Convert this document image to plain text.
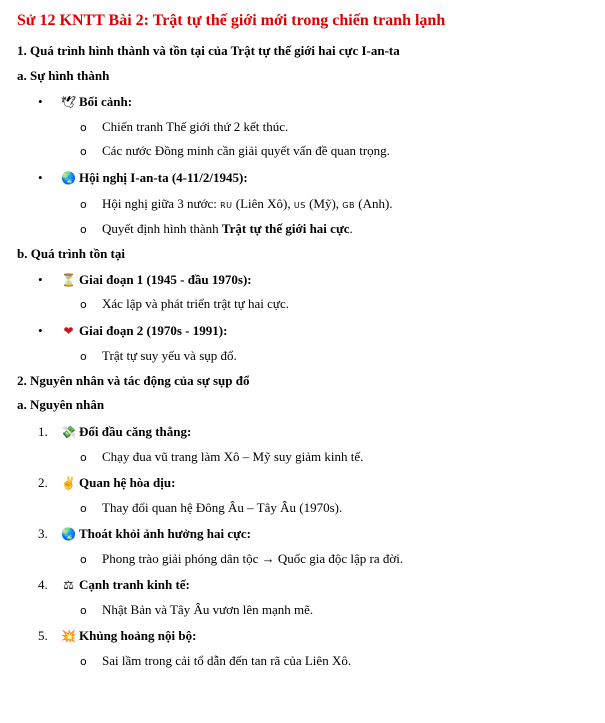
Sử 12 KNTT Bài 2: Trật tự thế giới mới trong chiến tranh lạnh
1. Quá trình hình thành và tồn tại của Trật tự thế giới hai cực I-an-ta
a. Sự hình thành
• 🕊 Bối cảnh:
o Chiến tranh Thế giới thứ 2 kết thúc.
o Các nước Đồng minh cần giải quyết vấn đề quan trọng.
• 🌏 Hội nghị I-an-ta (4-11/2/1945):
o Hội nghị giữa 3 nước: RU (Liên Xô), US (Mỹ), GB (Anh).
o Quyết định hình thành Trật tự thế giới hai cực.
b. Quá trình tồn tại
• ⏳ Giai đoạn 1 (1945 - đầu 1970s):
o Xác lập và phát triển trật tự hai cực.
• ❤ Giai đoạn 2 (1970s - 1991):
o Trật tự suy yếu và sụp đổ.
2. Nguyên nhân và tác động của sự sụp đổ
a. Nguyên nhân
1. 💸 Đối đầu căng thẳng:
o Chạy đua vũ trang làm Xô – Mỹ suy giảm kinh tế.
2. ✌ Quan hệ hòa dịu:
o Thay đổi quan hệ Đông Âu – Tây Âu (1970s).
3. 🌏 Thoát khỏi ảnh hưởng hai cực:
o Phong trào giải phóng dân tộc → Quốc gia độc lập ra đời.
4. ⚖ Cạnh tranh kinh tế:
o Nhật Bản và Tây Âu vươn lên mạnh mẽ.
5. 💥 Khủng hoảng nội bộ:
o Sai lầm trong cải tổ dẫn đến tan rã của Liên Xô.
